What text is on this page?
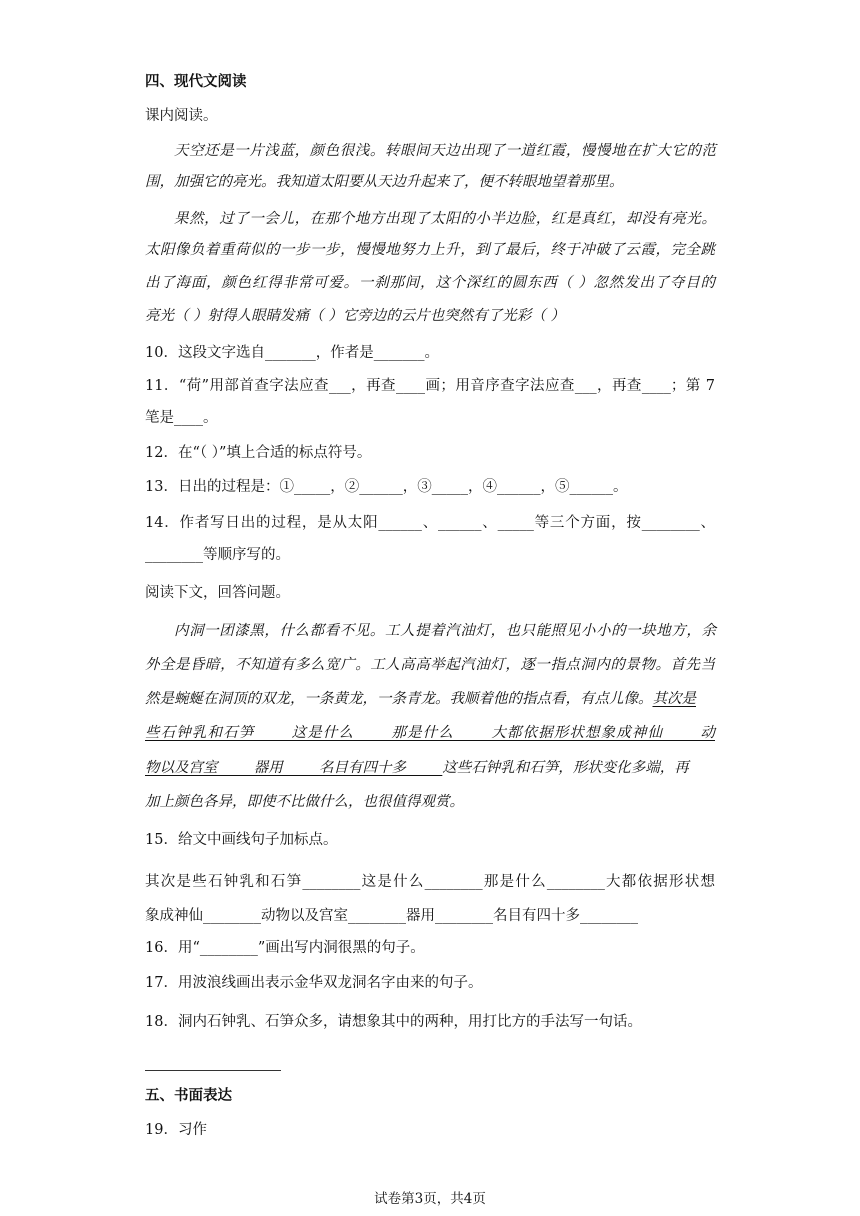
四、现代文阅读
课内阅读。
天空还是一片浅蓝，颜色很浅。转眼间天边出现了一道红霞，慢慢地在扩大它的范
围，加强它的亮光。我知道太阳要从天边升起来了，便不转眼地望着那里。
果然，过了一会儿，在那个地方出现了太阳的小半边脸，红是真红，却没有亮光。
太阳像负着重荷似的一步一步，慢慢地努力上升，到了最后，终于冲破了云霞，完全跳
出了海面，颜色红得非常可爱。一刹那间，这个深红的圆东西（ ）忽然发出了夺目的
亮光（ ）射得人眼睛发痛（ ）它旁边的云片也突然有了光彩（ ）
10．这段文字选自_______，作者是_______。
11．“荷”用部首查字法应查___，再查____画；用音序查字法应查___，再查____；第 7
笔是____。
12．在“（ ）”填上合适的标点符号。
13．日出的过程是：①_____，②______，③_____，④______，⑤______。
14．作者写日出的过程，是从太阳______、______、_____等三个方面，按________、
________等顺序写的。
阅读下文，回答问题。
内洞一团漆黑，什么都看不见。工人提着汽油灯，也只能照见小小的一块地方，余
外全是昏暗，不知道有多么宽广。工人高高举起汽油灯，逐一指点洞内的景物。首先当
然是蜿蜒在洞顶的双龙，一条黄龙，一条青龙。我顺着他的指点看，有点儿像。其次是
些石钟乳和石笋_____这是什么_____那是什么_____大都依据形状想象成神仙_____动
物以及宫室_____器用_____名目有四十多_____这些石钟乳和石笋，形状变化多端，再
加上颜色各异，即使不比做什么，也很值得观赏。
15．给文中画线句子加标点。
其次是些石钟乳和石笋________这是什么________那是什么________大都依据形状想
象成神仙________动物以及宫室________器用________名目有四十多________
16．用“________”画出写内洞很黑的句子。
17．用波浪线画出表示金华双龙洞名字由来的句子。
18．洞内石钟乳、石笋众多，请想象其中的两种，用打比方的手法写一句话。
五、书面表达
19．习作
试卷第3页，共4页
